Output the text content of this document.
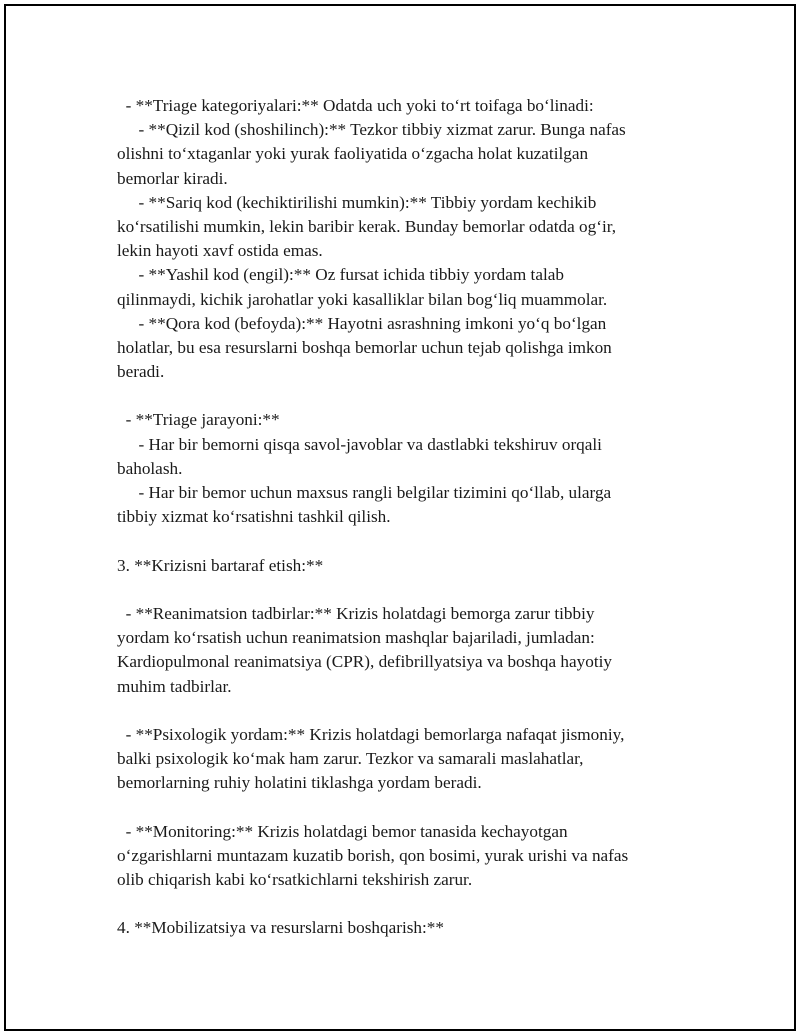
- **Triage kategoriyalari:** Odatda uch yoki to‘rt toifaga bo‘linadi:
- **Qizil kod (shoshilinch):** Tezkor tibbiy xizmat zarur. Bunga nafas
olishni to‘xtaganlar yoki yurak faoliyatida o‘zgacha holat kuzatilgan
bemorlar kiradi.
- **Sariq kod (kechiktirilishi mumkin):** Tibbiy yordam kechikib
ko‘rsatilishi mumkin, lekin baribir kerak. Bunday bemorlar odatda og‘ir,
lekin hayoti xavf ostida emas.
- **Yashil kod (engil):** Oz fursat ichida tibbiy yordam talab
qilinmaydi, kichik jarohatlar yoki kasalliklar bilan bog‘liq muammolar.
- **Qora kod (befoyda):** Hayotni asrashning imkoni yo‘q bo‘lgan
holatlar, bu esa resurslarni boshqa bemorlar uchun tejab qolishga imkon
beradi.
- **Triage jarayoni:**
- Har bir bemorni qisqa savol-javoblar va dastlabki tekshiruv orqali
baholash.
- Har bir bemor uchun maxsus rangli belgilar tizimini qo‘llab, ularga
tibbiy xizmat ko‘rsatishni tashkil qilish.
3. **Krizisni bartaraf etish:**
- **Reanimatsion tadbirlar:** Krizis holatdagi bemorga zarur tibbiy
yordam ko‘rsatish uchun reanimatsion mashqlar bajariladi, jumladan:
Kardiopulmonal reanimatsiya (CPR), defibrillyatsiya va boshqa hayotiy
muhim tadbirlar.
- **Psixologik yordam:** Krizis holatdagi bemorlarga nafaqat jismoniy,
balki psixologik ko‘mak ham zarur. Tezkor va samarali maslahatlar,
bemorlarning ruhiy holatini tiklashga yordam beradi.
- **Monitoring:** Krizis holatdagi bemor tanasida kechayotgan
o‘zgarishlarni muntazam kuzatib borish, qon bosimi, yurak urishi va nafas
olib chiqarish kabi ko‘rsatkichlarni tekshirish zarur.
4. **Mobilizatsiya va resurslarni boshqarish:**
